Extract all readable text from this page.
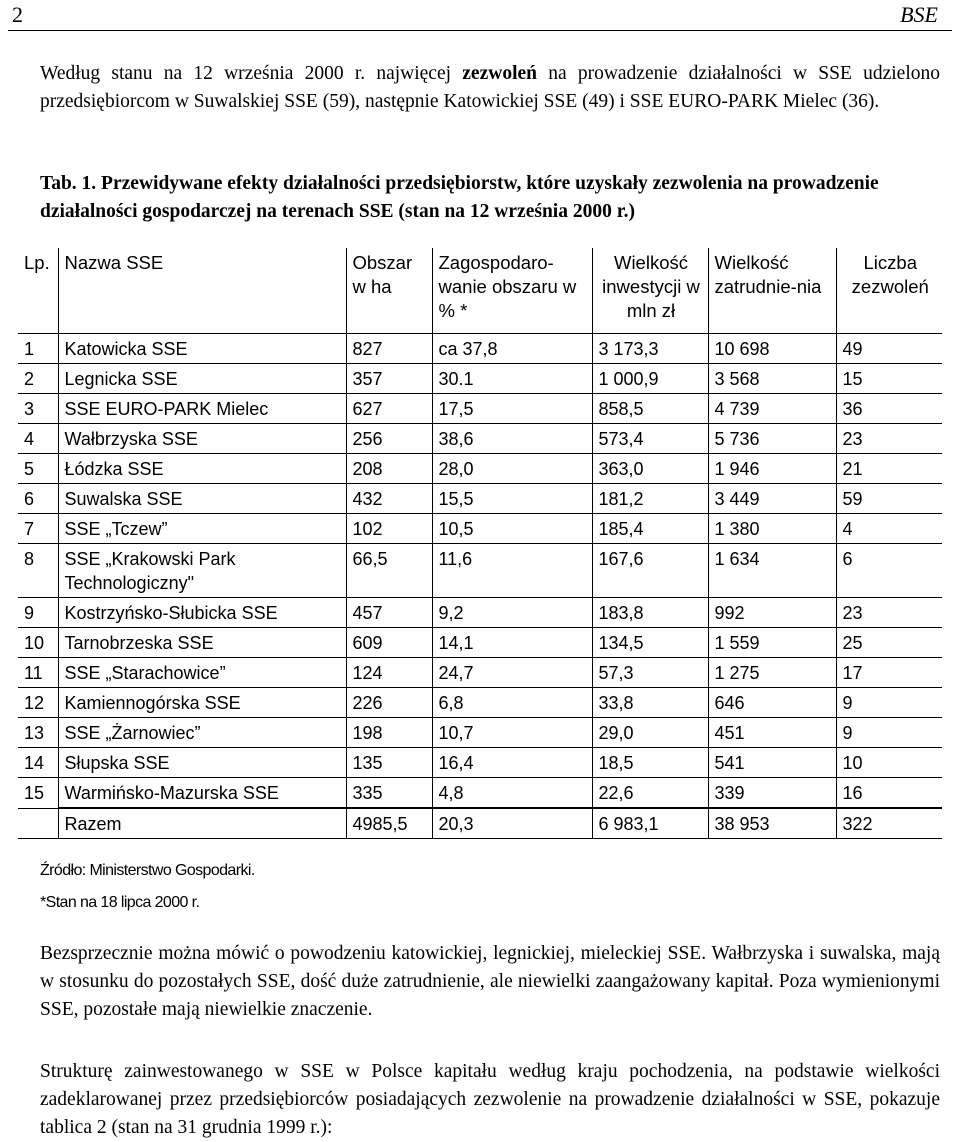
2	BSE
Według stanu na 12 września 2000 r. najwięcej zezwoleń na prowadzenie działalności w SSE udzielono przedsiębiorcom w Suwalskiej SSE (59), następnie Katowickiej SSE (49) i SSE EURO-PARK Mielec (36).
Tab. 1. Przewidywane efekty działalności przedsiębiorstw, które uzyskały zezwolenia na prowadzenie działalności gospodarczej na terenach SSE (stan na 12 września 2000 r.)
Lp.	Nazwa SSE	Obszar w ha	Zagospodaro-wanie obszaru w % *	Wielkość inwestycji w mln zł	Wielkość zatrudnie-nia	Liczba zezwoleń
1	Katowicka SSE	827	ca 37,8	3 173,3	10 698	49
2	Legnicka SSE	357	30.1	1 000,9	3 568	15
3	SSE EURO-PARK Mielec	627	17,5	858,5	4 739	36
4	Wałbrzyska SSE	256	38,6	573,4	5 736	23
5	Łódzka SSE	208	28,0	363,0	1 946	21
6	Suwalska SSE	432	15,5	181,2	3 449	59
7	SSE „Tczew”	102	10,5	185,4	1 380	4
8	SSE „Krakowski Park Technologiczny"	66,5	11,6	167,6	1 634	6
9	Kostrzyńsko-Słubicka SSE	457	9,2	183,8	992	23
10	Tarnobrzeska SSE	609	14,1	134,5	1 559	25
11	SSE „Starachowice”	124	24,7	57,3	1 275	17
12	Kamiennogórska SSE	226	6,8	33,8	646	9
13	SSE „Żarnowiec”	198	10,7	29,0	451	9
14	Słupska SSE	135	16,4	18,5	541	10
15	Warmińsko-Mazurska SSE	335	4,8	22,6	339	16
	Razem	4985,5	20,3	6 983,1	38 953	322
Źródło: Ministerstwo Gospodarki.
*Stan na 18 lipca 2000 r.
Bezsprzecznie można mówić o powodzeniu katowickiej, legnickiej, mieleckiej SSE. Wałbrzyska i suwalska, mają w stosunku do pozostałych SSE, dość duże zatrudnienie, ale niewielki zaangażowany kapitał. Poza wymienionymi SSE, pozostałe mają niewielkie znaczenie.
Strukturę zainwestowanego w SSE w Polsce kapitału według kraju pochodzenia, na podstawie wielkości zadeklarowanej przez przedsiębiorców posiadających zezwolenie na prowadzenie działalności w SSE, pokazuje tablica 2 (stan na 31 grudnia 1999 r.):
